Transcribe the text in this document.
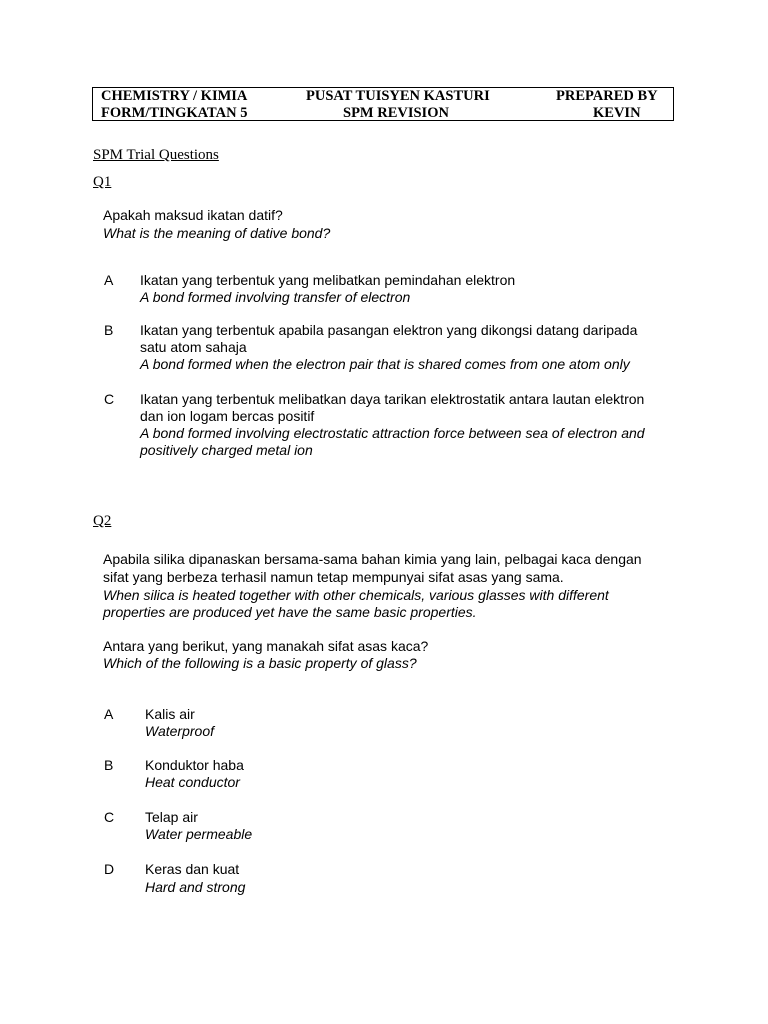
CHEMISTRY / KIMIA
FORM/TINGKATAN 5
PUSAT TUISYEN KASTURI
SPM REVISION
PREPARED BY
KEVIN
SPM Trial Questions
Q1
Apakah maksud ikatan datif?
What is the meaning of dative bond?
A Ikatan yang terbentuk yang melibatkan pemindahan elektron
A bond formed involving transfer of electron
B Ikatan yang terbentuk apabila pasangan elektron yang dikongsi datang daripada
satu atom sahaja
A bond formed when the electron pair that is shared comes from one atom only
C Ikatan yang terbentuk melibatkan daya tarikan elektrostatik antara lautan elektron
dan ion logam bercas positif
A bond formed involving electrostatic attraction force between sea of electron and
positively charged metal ion
Q2
Apabila silika dipanaskan bersama-sama bahan kimia yang lain, pelbagai kaca dengan
sifat yang berbeza terhasil namun tetap mempunyai sifat asas yang sama.
When silica is heated together with other chemicals, various glasses with different
properties are produced yet have the same basic properties.
Antara yang berikut, yang manakah sifat asas kaca?
Which of the following is a basic property of glass?
A Kalis air
Waterproof
B Konduktor haba
Heat conductor
C Telap air
Water permeable
D Keras dan kuat
Hard and strong
